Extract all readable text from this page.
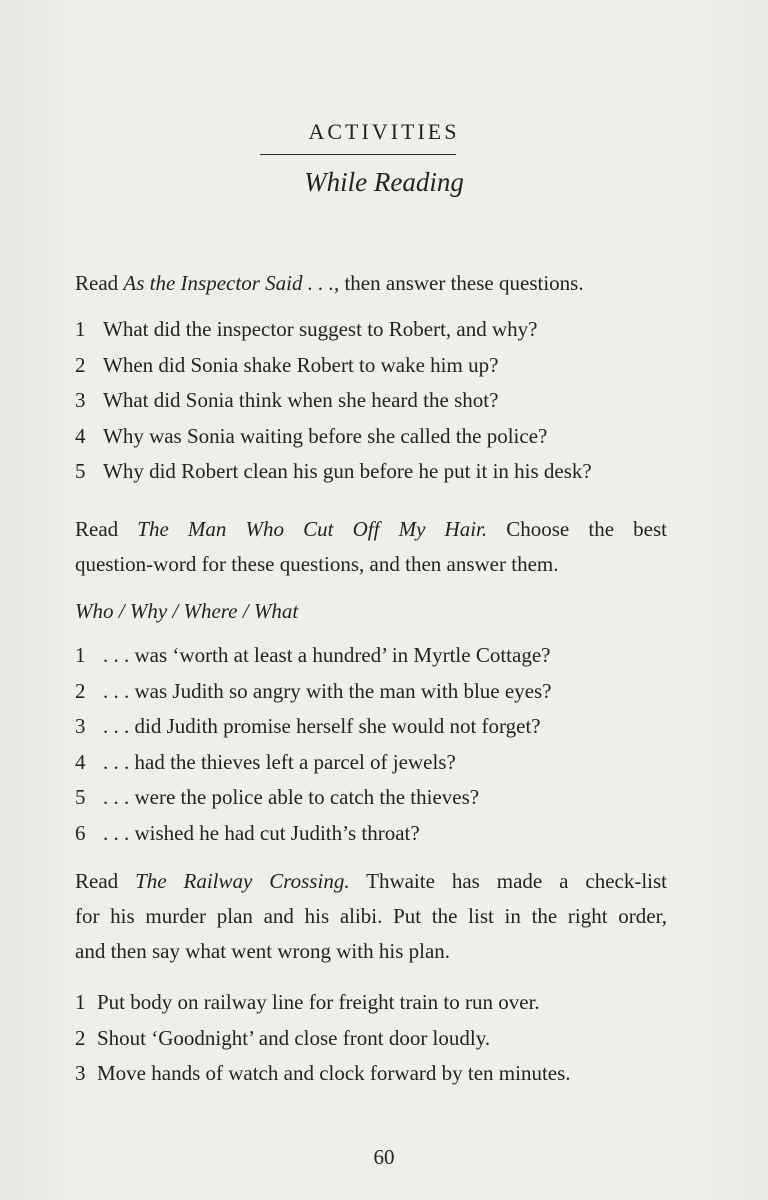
ACTIVITIES
While Reading

Read As the Inspector Said . . ., then answer these questions.

1 What did the inspector suggest to Robert, and why?
2 When did Sonia shake Robert to wake him up?
3 What did Sonia think when she heard the shot?
4 Why was Sonia waiting before she called the police?
5 Why did Robert clean his gun before he put it in his desk?

Read The Man Who Cut Off My Hair. Choose the best

question-word for these questions, and then answer them.

Who / Why / Where / What
1 . . . was ‘worth at least a hundred’ in Myrtle Cottage?
2 . . . was Judith so angry with the man with blue eyes?
3 . . . did Judith promise herself she would not forget?
4 . . . had the thieves left a parcel of jewels?
5 . . . were the police able to catch the thieves?
6 . . . wished he had cut Judith’s throat?

Read The Railway Crossing. Thwaite has made a check-list

for his murder plan and his alibi. Put the list in the right order,

and then say what went wrong with his plan.

1 Put body on railway line for freight train to run over.
2 Shout ‘Goodnight’ and close front door loudly.
3 Move hands of watch and clock forward by ten minutes.
60
